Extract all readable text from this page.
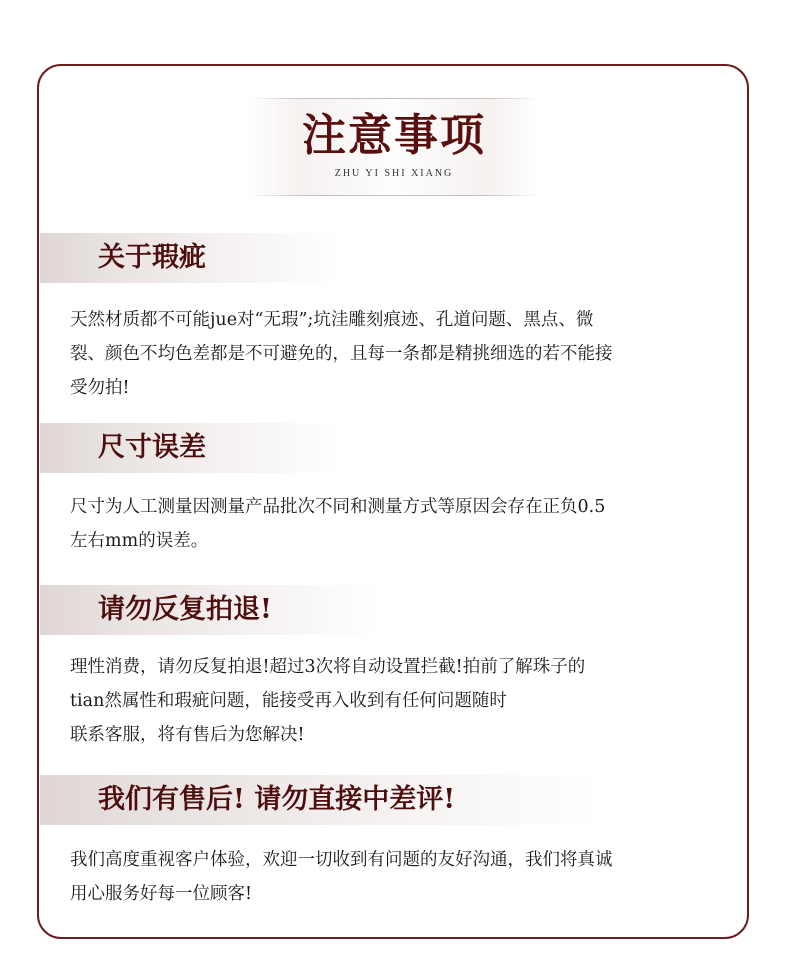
注意事项
ZHU YI SHI XIANG
关于瑕疵
天然材质都不可能jue对“无瑕”;坑洼雕刻痕迹、孔道问题、黑点、微
裂、颜色不均色差都是不可避免的，且每一条都是精挑细选的若不能接
受勿拍!
尺寸误差
尺寸为人工测量因测量产品批次不同和测量方式等原因会存在正负0.5
左右mm的误差。
请勿反复拍退!
理性消费，请勿反复拍退!超过3次将自动设置拦截!拍前了解珠子的
tian然属性和瑕疵问题，能接受再入收到有任何问题随时
联系客服，将有售后为您解决!
我们有售后! 请勿直接中差评!
我们高度重视客户体验，欢迎一切收到有问题的友好沟通，我们将真诚
用心服务好每一位顾客!
